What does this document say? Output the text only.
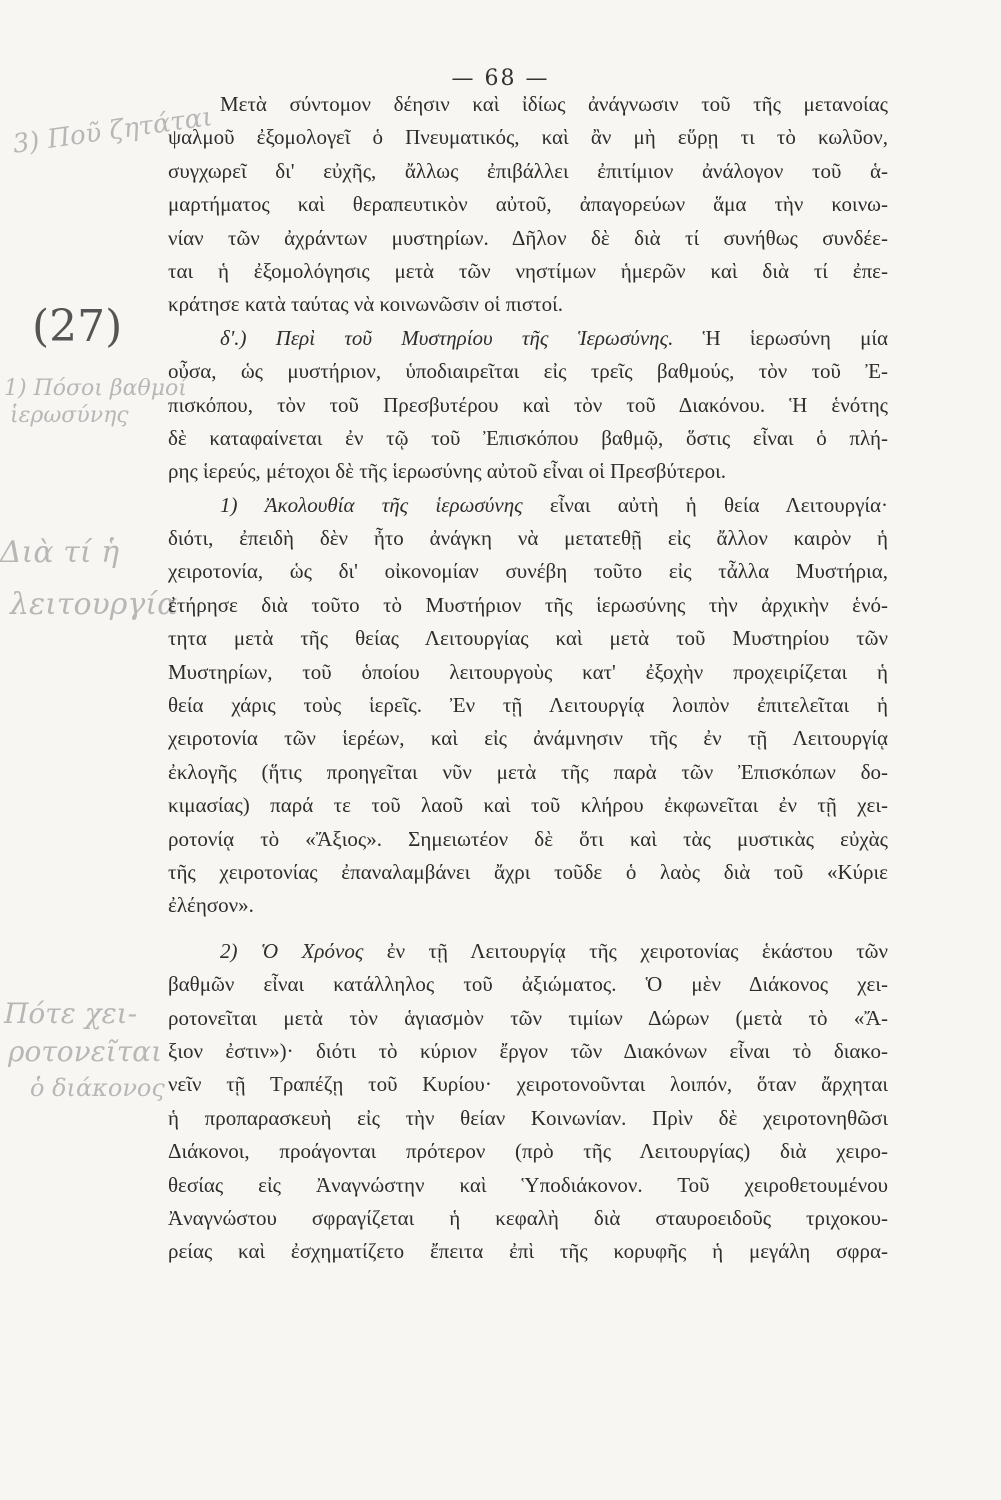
— 68 —
3) Ποῦ ζητάται
(27)
1) Πόσοι βαθμοί
ἱερωσύνης
Διὰ τί ἡ
λειτουργία
Πότε χει-
ροτονεῖται
ὁ διάκονος
Μετὰ σύντομον δέησιν καὶ ἰδίως ἀνάγνωσιν τοῦ τῆς μετανοίας
ψαλμοῦ ἐξομολογεῖ ὁ Πνευματικός, καὶ ἂν μὴ εὕρῃ τι τὸ κωλῦον,
συγχωρεῖ δι' εὐχῆς, ἄλλως ἐπιβάλλει ἐπιτίμιον ἀνάλογον τοῦ ἁ-
μαρτήματος καὶ θεραπευτικὸν αὐτοῦ, ἀπαγορεύων ἅμα τὴν κοινω-
νίαν τῶν ἀχράντων μυστηρίων. Δῆλον δὲ διὰ τί συνήθως συνδέε-
ται ἡ ἐξομολόγησις μετὰ τῶν νηστίμων ἡμερῶν καὶ διὰ τί ἐπε-
κράτησε κατὰ ταύτας νὰ κοινωνῶσιν οἱ πιστοί.
δ'.) Περὶ τοῦ Μυστηρίου τῆς Ἱερωσύνης. Ἡ ἱερωσύνη μία
οὖσα, ὡς μυστήριον, ὑποδιαιρεῖται εἰς τρεῖς βαθμούς, τὸν τοῦ Ἐ-
πισκόπου, τὸν τοῦ Πρεσβυτέρου καὶ τὸν τοῦ Διακόνου. Ἡ ἑνότης
δὲ καταφαίνεται ἐν τῷ τοῦ Ἐπισκόπου βαθμῷ, ὅστις εἶναι ὁ πλή-
ρης ἱερεύς, μέτοχοι δὲ τῆς ἱερωσύνης αὐτοῦ εἶναι οἱ Πρεσβύτεροι.
1) Ἀκολουθία τῆς ἱερωσύνης εἶναι αὐτὴ ἡ θεία Λειτουργία·
διότι, ἐπειδὴ δὲν ἦτο ἀνάγκη νὰ μετατεθῇ εἰς ἄλλον καιρὸν ἡ
χειροτονία, ὡς δι' οἰκονομίαν συνέβη τοῦτο εἰς τἆλλα Μυστήρια,
ἐτήρησε διὰ τοῦτο τὸ Μυστήριον τῆς ἱερωσύνης τὴν ἀρχικὴν ἑνό-
τητα μετὰ τῆς θείας Λειτουργίας καὶ μετὰ τοῦ Μυστηρίου τῶν
Μυστηρίων, τοῦ ὁποίου λειτουργοὺς κατ' ἐξοχὴν προχειρίζεται ἡ
θεία χάρις τοὺς ἱερεῖς. Ἐν τῇ Λειτουργίᾳ λοιπὸν ἐπιτελεῖται ἡ
χειροτονία τῶν ἱερέων, καὶ εἰς ἀνάμνησιν τῆς ἐν τῇ Λειτουργίᾳ
ἐκλογῆς (ἥτις προηγεῖται νῦν μετὰ τῆς παρὰ τῶν Ἐπισκόπων δο-
κιμασίας) παρά τε τοῦ λαοῦ καὶ τοῦ κλήρου ἐκφωνεῖται ἐν τῇ χει-
ροτονίᾳ τὸ «Ἄξιος». Σημειωτέον δὲ ὅτι καὶ τὰς μυστικὰς εὐχὰς
τῆς χειροτονίας ἐπαναλαμβάνει ἄχρι τοῦδε ὁ λαὸς διὰ τοῦ «Κύριε
ἐλέησον».
2) Ὁ Χρόνος ἐν τῇ Λειτουργίᾳ τῆς χειροτονίας ἑκάστου τῶν
βαθμῶν εἶναι κατάλληλος τοῦ ἀξιώματος. Ὁ μὲν Διάκονος χει-
ροτονεῖται μετὰ τὸν ἁγιασμὸν τῶν τιμίων Δώρων (μετὰ τὸ «Ἄ-
ξιον ἐστιν»)· διότι τὸ κύριον ἔργον τῶν Διακόνων εἶναι τὸ διακο-
νεῖν τῇ Τραπέζῃ τοῦ Κυρίου· χειροτονοῦνται λοιπόν, ὅταν ἄρχηται
ἡ προπαρασκευὴ εἰς τὴν θείαν Κοινωνίαν. Πρὶν δὲ χειροτονηθῶσι
Διάκονοι, προάγονται πρότερον (πρὸ τῆς Λειτουργίας) διὰ χειρο-
θεσίας εἰς Ἀναγνώστην καὶ Ὑποδιάκονον. Τοῦ χειροθετουμένου
Ἀναγνώστου σφραγίζεται ἡ κεφαλὴ διὰ σταυροειδοῦς τριχοκου-
ρείας καὶ ἐσχηματίζετο ἔπειτα ἐπὶ τῆς κορυφῆς ἡ μεγάλη σφρα-
